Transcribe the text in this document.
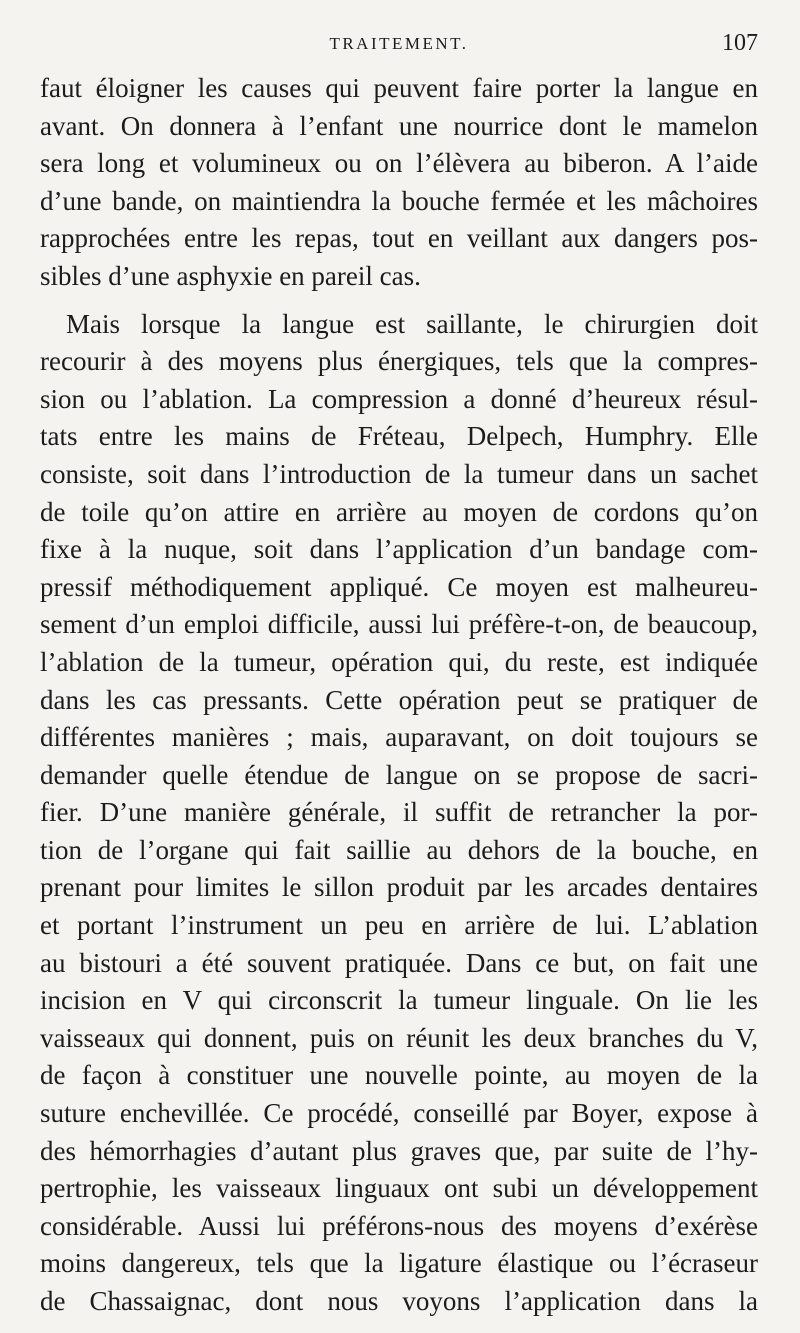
TRAITEMENT.	107
faut éloigner les causes qui peuvent faire porter la langue en
avant. On donnera à l’enfant une nourrice dont le mamelon
sera long et volumineux ou on l’élèvera au biberon. A l’aide
d’une bande, on maintiendra la bouche fermée et les mâchoires
rapprochées entre les repas, tout en veillant aux dangers pos-
sibles d’une asphyxie en pareil cas.
Mais lorsque la langue est saillante, le chirurgien doit
recourir à des moyens plus énergiques, tels que la compres-
sion ou l’ablation. La compression a donné d’heureux résul-
tats entre les mains de Fréteau, Delpech, Humphry. Elle
consiste, soit dans l’introduction de la tumeur dans un sachet
de toile qu’on attire en arrière au moyen de cordons qu’on
fixe à la nuque, soit dans l’application d’un bandage com-
pressif méthodiquement appliqué. Ce moyen est malheureu-
sement d’un emploi difficile, aussi lui préfère-t-on, de beaucoup,
l’ablation de la tumeur, opération qui, du reste, est indiquée
dans les cas pressants. Cette opération peut se pratiquer de
différentes manières ; mais, auparavant, on doit toujours se
demander quelle étendue de langue on se propose de sacri-
fier. D’une manière générale, il suffit de retrancher la por-
tion de l’organe qui fait saillie au dehors de la bouche, en
prenant pour limites le sillon produit par les arcades dentaires
et portant l’instrument un peu en arrière de lui. L’ablation
au bistouri a été souvent pratiquée. Dans ce but, on fait une
incision en V qui circonscrit la tumeur linguale. On lie les
vaisseaux qui donnent, puis on réunit les deux branches du V,
de façon à constituer une nouvelle pointe, au moyen de la
suture enchevillée. Ce procédé, conseillé par Boyer, expose à
des hémorrhagies d’autant plus graves que, par suite de l’hy-
pertrophie, les vaisseaux linguaux ont subi un développement
considérable. Aussi lui préférons-nous des moyens d’exérèse
moins dangereux, tels que la ligature élastique ou l’écraseur
de Chassaignac, dont nous voyons l’application dans la
